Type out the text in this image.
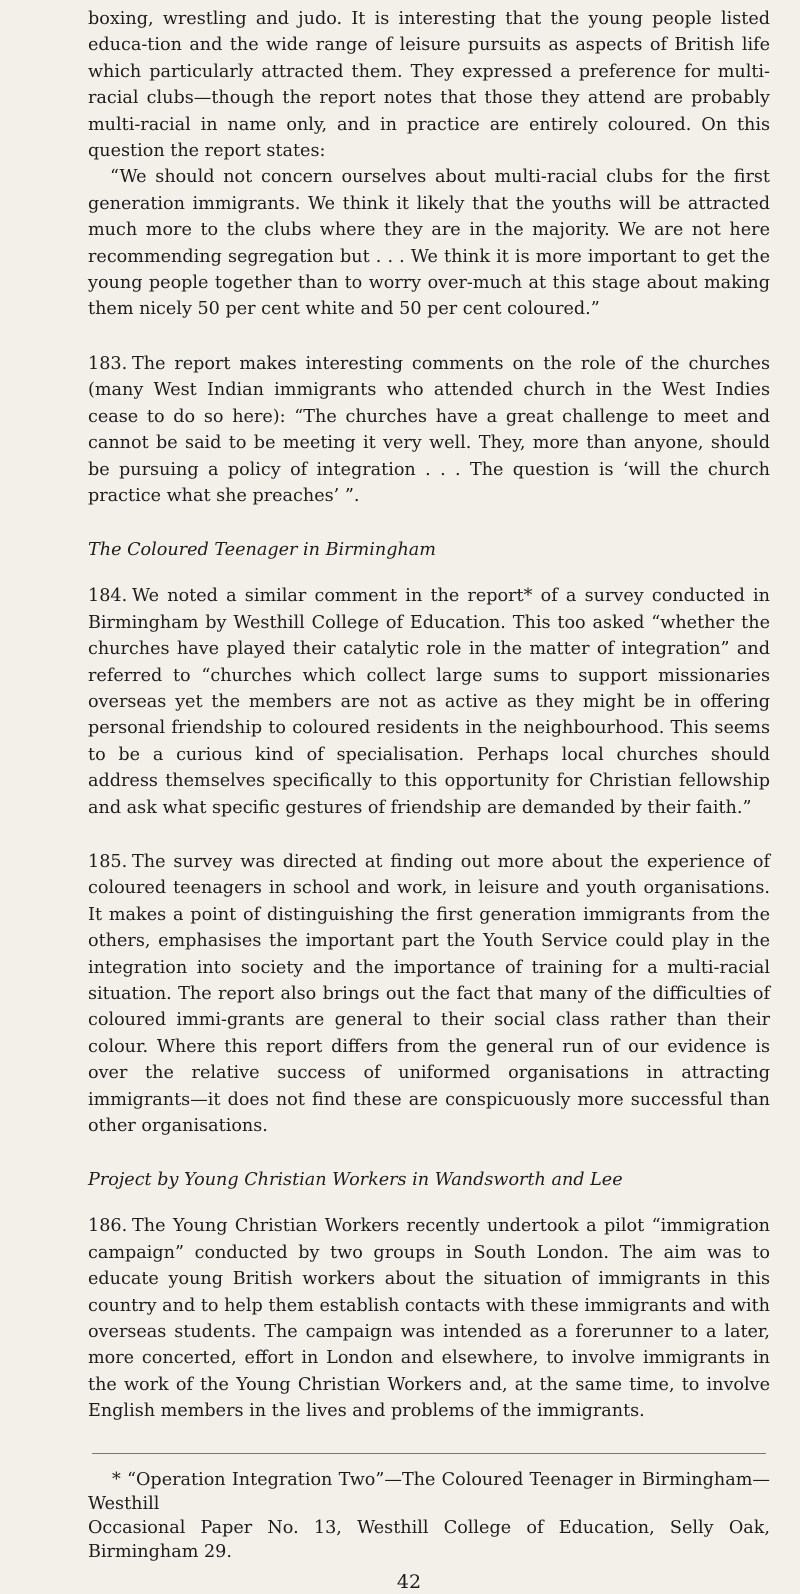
boxing, wrestling and judo. It is interesting that the young people listed educa-tion and the wide range of leisure pursuits as aspects of British life which particularly attracted them. They expressed a preference for multi-racial clubs—though the report notes that those they attend are probably multi-racial in name only, and in practice are entirely coloured. On this question the report states:

“We should not concern ourselves about multi-racial clubs for the first generation immigrants. We think it likely that the youths will be attracted much more to the clubs where they are in the majority. We are not here recommending segregation but . . . We think it is more important to get the young people together than to worry over-much at this stage about making them nicely 50 per cent white and 50 per cent coloured.”

183. The report makes interesting comments on the role of the churches (many West Indian immigrants who attended church in the West Indies cease to do so here): “The churches have a great challenge to meet and cannot be said to be meeting it very well. They, more than anyone, should be pursuing a policy of integration . . . The question is ‘will the church practice what she preaches’ ”.

The Coloured Teenager in Birmingham

184. We noted a similar comment in the report* of a survey conducted in Birmingham by Westhill College of Education. This too asked “whether the churches have played their catalytic role in the matter of integration” and referred to “churches which collect large sums to support missionaries overseas yet the members are not as active as they might be in offering personal friendship to coloured residents in the neighbourhood. This seems to be a curious kind of specialisation. Perhaps local churches should address themselves specifically to this opportunity for Christian fellowship and ask what specific gestures of friendship are demanded by their faith.”

185. The survey was directed at finding out more about the experience of coloured teenagers in school and work, in leisure and youth organisations. It makes a point of distinguishing the first generation immigrants from the others, emphasises the important part the Youth Service could play in the integration into society and the importance of training for a multi-racial situation. The report also brings out the fact that many of the difficulties of coloured immi-grants are general to their social class rather than their colour. Where this report differs from the general run of our evidence is over the relative success of uniformed organisations in attracting immigrants—it does not find these are conspicuously more successful than other organisations.

Project by Young Christian Workers in Wandsworth and Lee

186. The Young Christian Workers recently undertook a pilot “immigration campaign” conducted by two groups in South London. The aim was to educate young British workers about the situation of immigrants in this country and to help them establish contacts with these immigrants and with overseas students. The campaign was intended as a forerunner to a later, more concerted, effort in London and elsewhere, to involve immigrants in the work of the Young Christian Workers and, at the same time, to involve English members in the lives and problems of the immigrants.

* “Operation Integration Two”—The Coloured Teenager in Birmingham—Westhill

Occasional Paper No. 13, Westhill College of Education, Selly Oak, Birmingham 29.

42
